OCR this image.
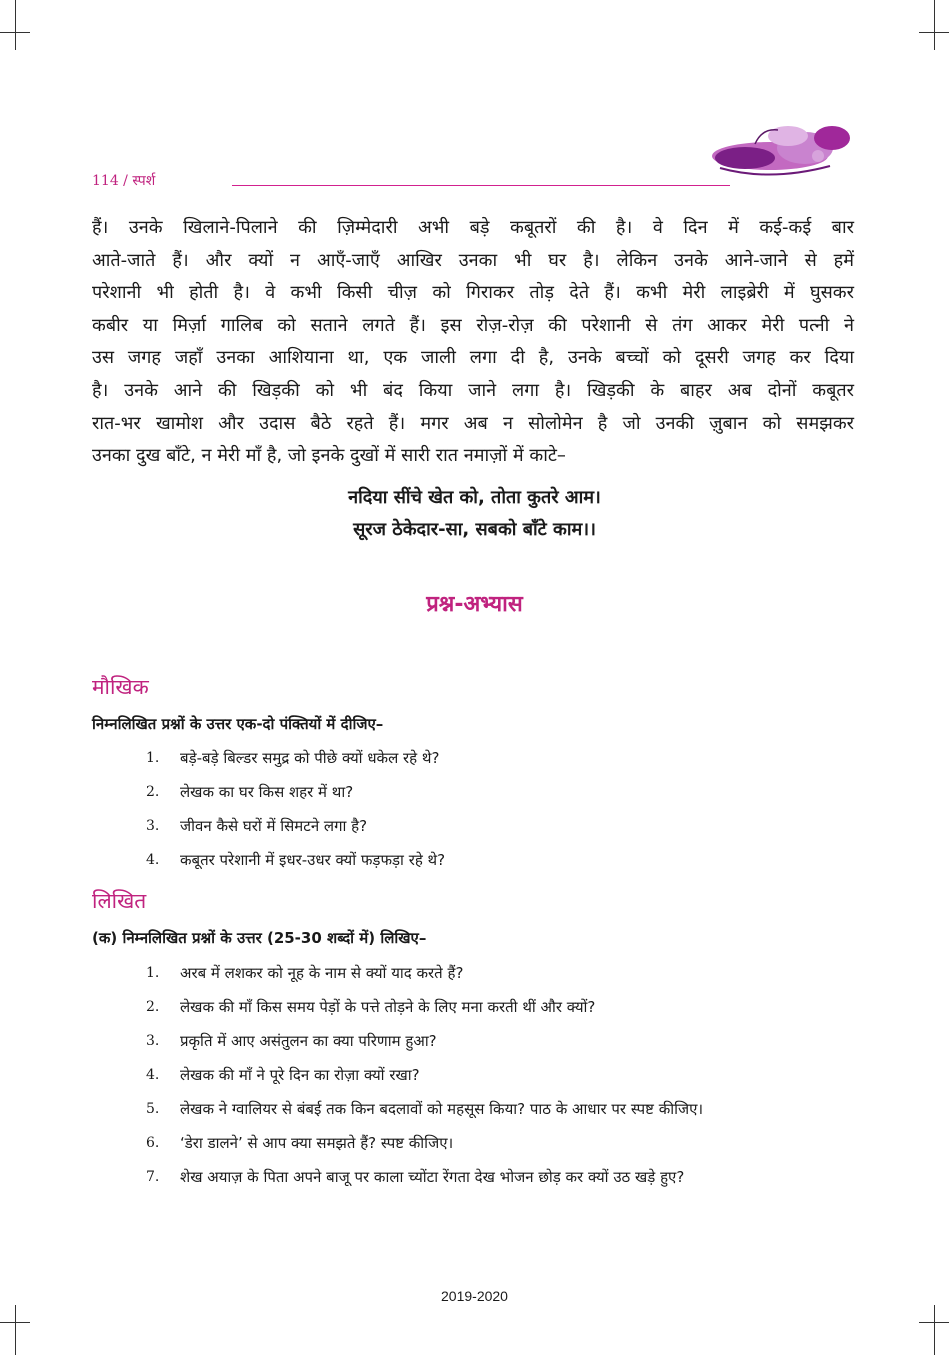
114 / स्पर्श
हैं। उनके खिलाने-पिलाने की ज़िम्मेदारी अभी बड़े कबूतरों की है। वे दिन में कई-कई बार
आते-जाते हैं। और क्यों न आएँ-जाएँ आखिर उनका भी घर है। लेकिन उनके आने-जाने से हमें
परेशानी भी होती है। वे कभी किसी चीज़ को गिराकर तोड़ देते हैं। कभी मेरी लाइब्रेरी में घुसकर
कबीर या मिर्ज़ा गालिब को सताने लगते हैं। इस रोज़-रोज़ की परेशानी से तंग आकर मेरी पत्नी ने
उस जगह जहाँ उनका आशियाना था, एक जाली लगा दी है, उनके बच्चों को दूसरी जगह कर दिया
है। उनके आने की खिड़की को भी बंद किया जाने लगा है। खिड़की के बाहर अब दोनों कबूतर
रात-भर खामोश और उदास बैठे रहते हैं। मगर अब न सोलोमेन है जो उनकी ज़ुबान को समझकर
उनका दुख बाँटे, न मेरी माँ है, जो इनके दुखों में सारी रात नमाज़ों में काटे–
नदिया सींचे खेत को, तोता कुतरे आम।
सूरज ठेकेदार-सा, सबको बाँटे काम।।
प्रश्न-अभ्यास
मौखिक
निम्नलिखित प्रश्नों के उत्तर एक-दो पंक्तियों में दीजिए–
1.	बड़े-बड़े बिल्डर समुद्र को पीछे क्यों धकेल रहे थे?
2.	लेखक का घर किस शहर में था?
3.	जीवन कैसे घरों में सिमटने लगा है?
4.	कबूतर परेशानी में इधर-उधर क्यों फड़फड़ा रहे थे?
लिखित
(क) निम्नलिखित प्रश्नों के उत्तर (25-30 शब्दों में) लिखिए–
1.	अरब में लशकर को नूह के नाम से क्यों याद करते हैं?
2.	लेखक की माँ किस समय पेड़ों के पत्ते तोड़ने के लिए मना करती थीं और क्यों?
3.	प्रकृति में आए असंतुलन का क्या परिणाम हुआ?
4.	लेखक की माँ ने पूरे दिन का रोज़ा क्यों रखा?
5.	लेखक ने ग्वालियर से बंबई तक किन बदलावों को महसूस किया? पाठ के आधार पर स्पष्ट कीजिए।
6.	‘डेरा डालने’ से आप क्या समझते हैं? स्पष्ट कीजिए।
7.	शेख अयाज़ के पिता अपने बाजू पर काला च्योंटा रेंगता देख भोजन छोड़ कर क्यों उठ खड़े हुए?
2019-2020
